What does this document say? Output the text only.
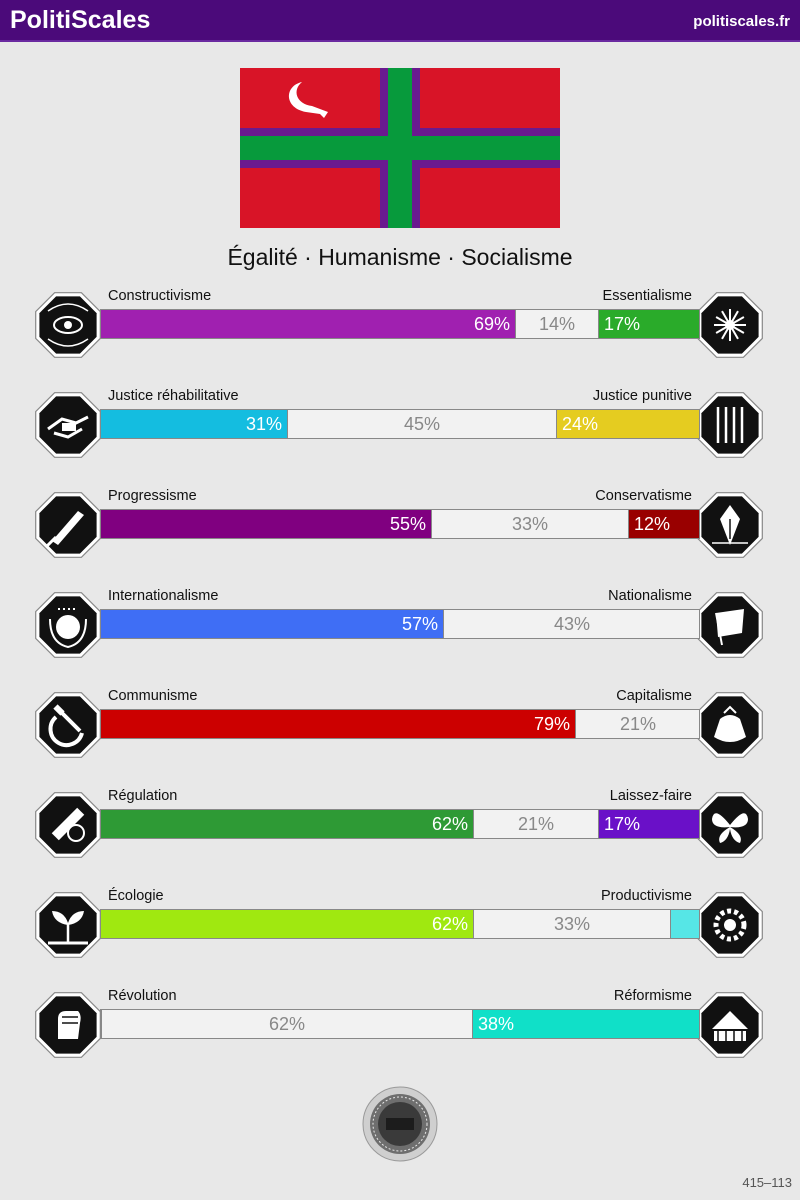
PolitiScales	politiscales.fr
Égalité · Humanisme · Socialisme
Constructivisme	Essentialisme
69%	14%	17%
Justice réhabilitative	Justice punitive
31%	45%	24%
Progressisme	Conservatisme
55%	33%	12%
Internationalisme	Nationalisme
57%	43%
Communisme	Capitalisme
79%	21%
Régulation	Laissez-faire
62%	21%	17%
Écologie	Productivisme
62%	33%
Révolution	Réformisme
62%	38%
415–113
